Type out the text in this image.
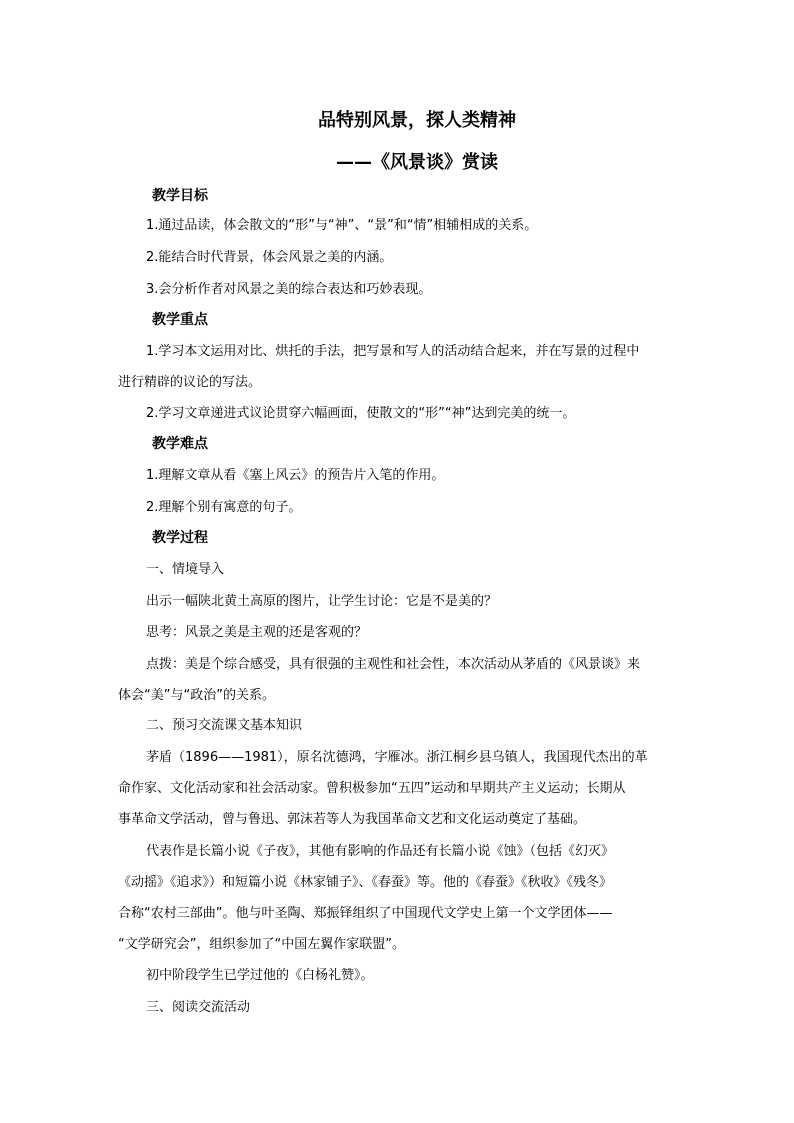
品特别风景，探人类精神
——《风景谈》赏读
教学目标
1.通过品读，体会散文的“形”与“神”、“景”和“情”相辅相成的关系。
2.能结合时代背景，体会风景之美的内涵。
3.会分析作者对风景之美的综合表达和巧妙表现。
教学重点
1.学习本文运用对比、烘托的手法，把写景和写人的活动结合起来，并在写景的过程中
进行精辟的议论的写法。
2.学习文章递进式议论贯穿六幅画面，使散文的“形”“神”达到完美的统一。
教学难点
1.理解文章从看《塞上风云》的预告片入笔的作用。
2.理解个别有寓意的句子。
教学过程
一、情境导入
出示一幅陕北黄土高原的图片，让学生讨论：它是不是美的？
思考：风景之美是主观的还是客观的？
点拨：美是个综合感受，具有很强的主观性和社会性，本次活动从茅盾的《风景谈》来
体会“美”与“政治”的关系。
二、预习交流课文基本知识
茅盾（1896——1981），原名沈德鸿，字雁冰。浙江桐乡县乌镇人，我国现代杰出的革
命作家、文化活动家和社会活动家。曾积极参加“五四”运动和早期共产主义运动；长期从
事革命文学活动，曾与鲁迅、郭沫若等人为我国革命文艺和文化运动奠定了基础。
代表作是长篇小说《子夜》，其他有影响的作品还有长篇小说《蚀》（包括《幻灭》
《动摇》《追求》）和短篇小说《林家铺子》、《春蚕》等。他的《春蚕》《秋收》《残冬》
合称“农村三部曲”。他与叶圣陶、郑振铎组织了中国现代文学史上第一个文学团体——
“文学研究会”，组织参加了“中国左翼作家联盟”。
初中阶段学生已学过他的《白杨礼赞》。
三、阅读交流活动
